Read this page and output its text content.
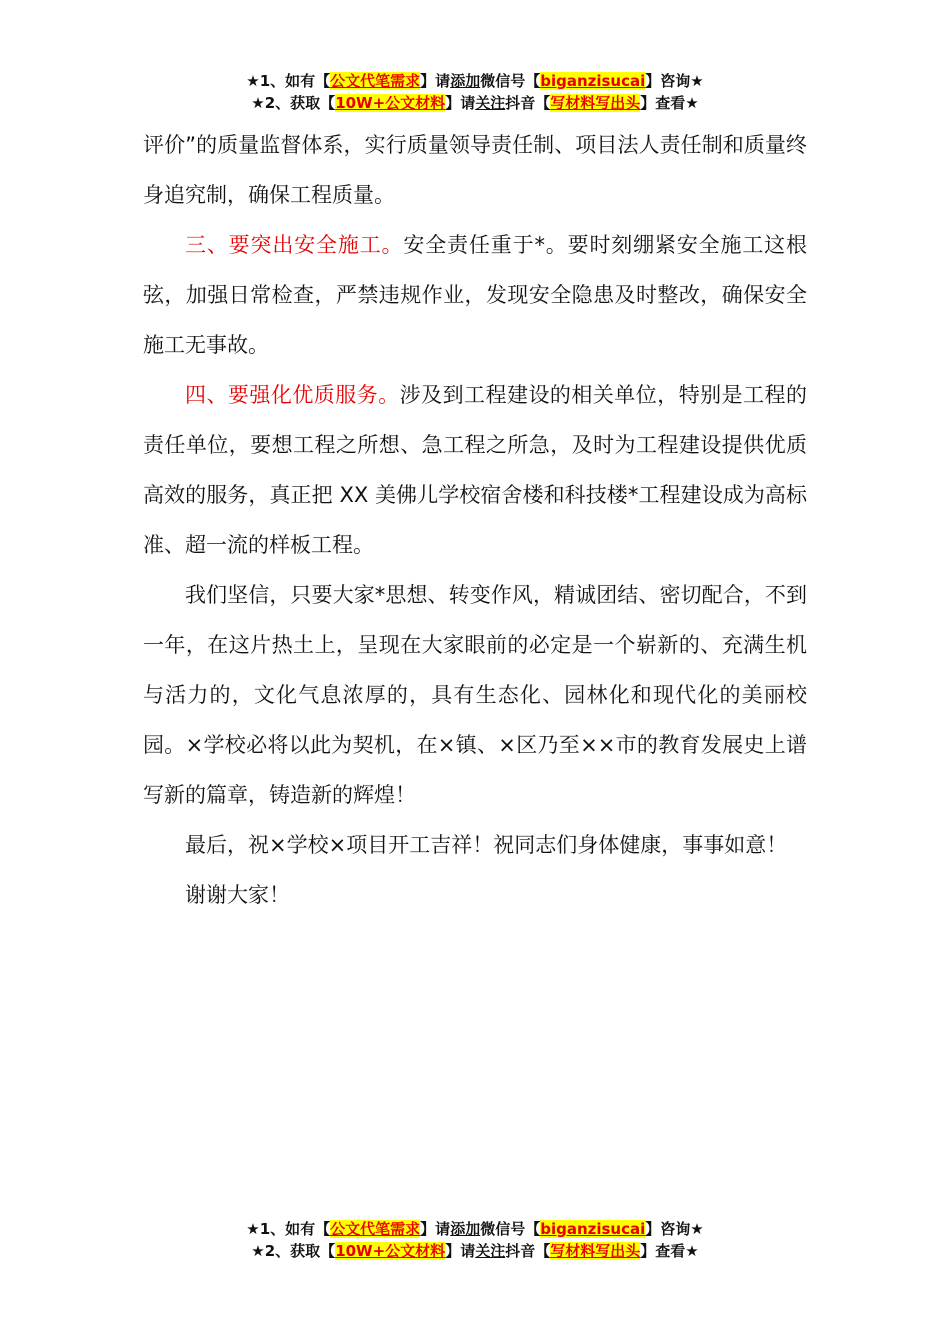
★1、如有【公文代笔需求】请添加微信号【biganzisucai】咨询★
★2、获取【10W+公文材料】请关注抖音【写材料写出头】查看★

评价”的质量监督体系，实行质量领导责任制、项目法人责任制和质量终身追究制，确保工程质量。

三、要突出安全施工。安全责任重于*。要时刻绷紧安全施工这根弦，加强日常检查，严禁违规作业，发现安全隐患及时整改，确保安全施工无事故。

四、要强化优质服务。涉及到工程建设的相关单位，特别是工程的责任单位，要想工程之所想、急工程之所急，及时为工程建设提供优质高效的服务，真正把 XX 美佛儿学校宿舍楼和科技楼*工程建设成为高标准、超一流的样板工程。

我们坚信，只要大家*思想、转变作风，精诚团结、密切配合，不到一年，在这片热土上，呈现在大家眼前的必定是一个崭新的、充满生机与活力的，文化气息浓厚的，具有生态化、园林化和现代化的美丽校园。×学校必将以此为契机，在×镇、×区乃至××市的教育发展史上谱写新的篇章，铸造新的辉煌！

最后，祝×学校×项目开工吉祥！祝同志们身体健康，事事如意！

谢谢大家！

★1、如有【公文代笔需求】请添加微信号【biganzisucai】咨询★
★2、获取【10W+公文材料】请关注抖音【写材料写出头】查看★
